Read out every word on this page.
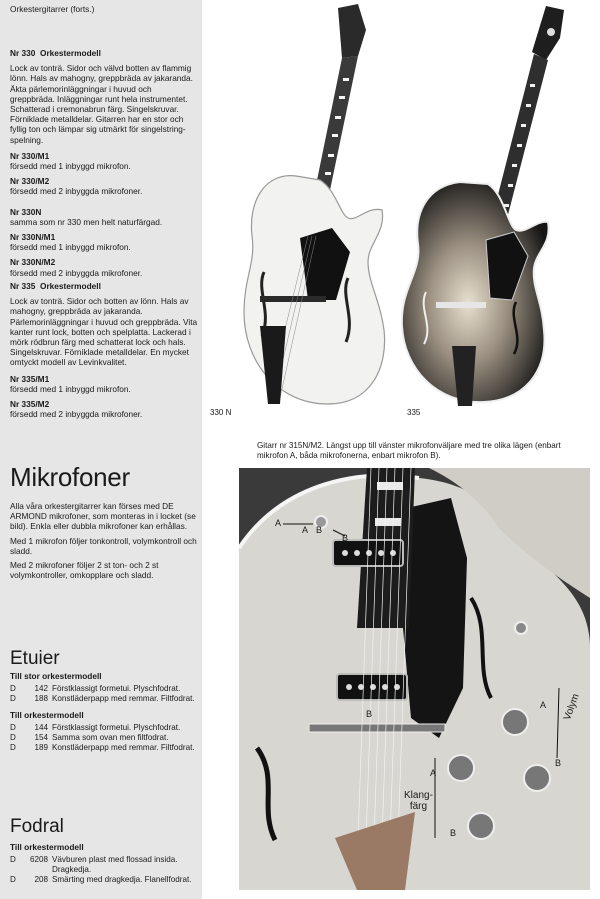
Orkestergitarrer (forts.)
Nr 330 Orkestermodell
Lock av tonträ. Sidor och välvd botten av flammig lönn. Hals av mahogny, greppbräda av jakaranda. Äkta pärlemorinläggningar i huvud och greppbräda. Inläggningar runt hela instrumentet. Schatterad i cremonabrun färg. Singelskruvar. Förniklade metalldelar. Gitarren har en stor och fyllig ton och lämpar sig utmärkt för singelstring-spelning.
Nr 330/M1
försedd med 1 inbyggd mikrofon.
Nr 330/M2
försedd med 2 inbyggda mikrofoner.
Nr 330N
samma som nr 330 men helt naturfärgad.
Nr 330N/M1
försedd med 1 inbyggd mikrofon.
Nr 330N/M2
försedd med 2 inbyggda mikrofoner.
Nr 335 Orkestermodell
Lock av tonträ. Sidor och botten av lönn. Hals av mahogny, greppbräda av jakaranda. Pärlemorinläggningar i huvud och greppbräda. Vita kanter runt lock, botten och spelplatta. Lackerad i mörk rödbrun färg med schatterat lock och hals. Singelskruvar. Förniklade metalldelar. En mycket omtyckt modell av Levinkvalitet.
Nr 335/M1
försedd med 1 inbyggd mikrofon.
Nr 335/M2
försedd med 2 inbyggda mikrofoner.
Mikrofoner
Alla våra orkestergitarrer kan förses med DE ARMOND mikrofoner, som monteras in i locket (se bild). Enkla eller dubbla mikrofoner kan erhållas.
Med 1 mikrofon följer tonkontroll, volymkontroll och sladd.
Med 2 mikrofoner följer 2 st ton- och 2 st volymkontroller, omkopplare och sladd.
Etuier
Till stor orkestermodell
D	142 Förstklassigt formetui. Plyschfodrat.
D	188 Konstläderpapp med remmar. Filtfodrat.
Till orkestermodell
D	144 Förstklassigt formetui. Plyschfodrat.
D	154 Samma som ovan men filtfodrat.
D	189 Konstläderpapp med remmar. Filtfodrat.
Fodral
Till orkestermodell
D	6208 Vävburen plast med flossad insida. Dragkedja.
D	208 Smärting med dragkedja. Flanellfodrat.
330 N	335
Gitarr nr 315N/M2. Längst upp till vänster mikrofonväljare med tre olika lägen (enbart mikrofon A, båda mikrofonerna, enbart mikrofon B).
A
A B
B
A
B	Volym
A
B
Klang-
färg
A
B
